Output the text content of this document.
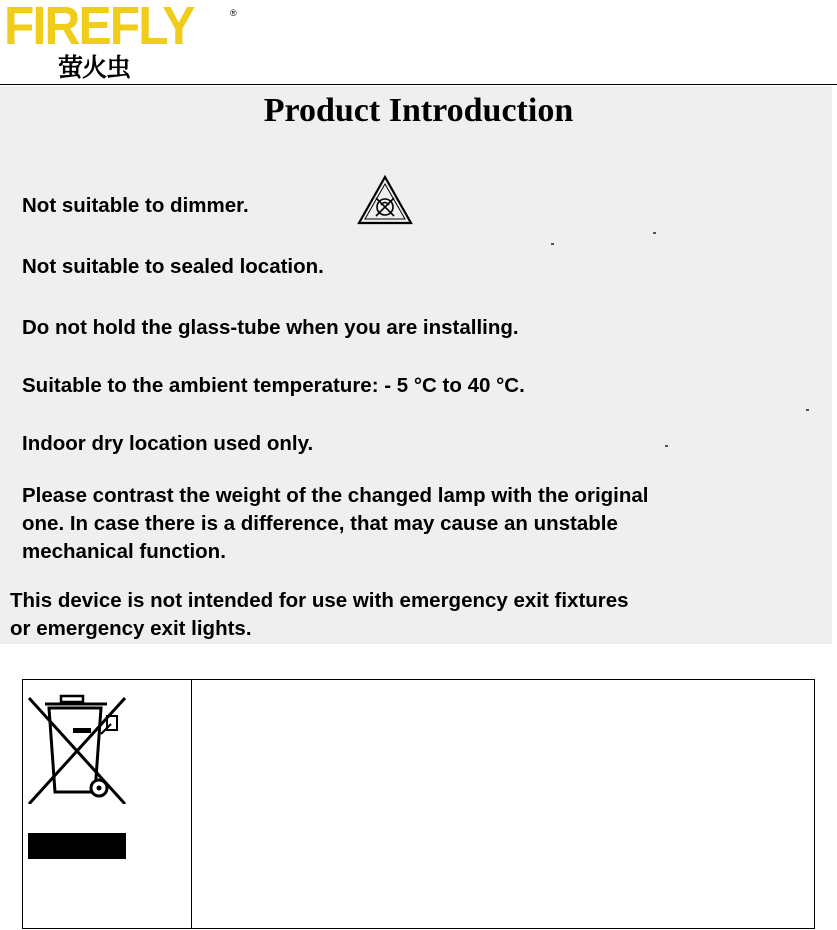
FIREFLY	®
萤火虫
Product Introduction

Not suitable to dimmer.

Not suitable to sealed location.

Do not hold the glass-tube when you are installing.

Suitable to the ambient temperature: - 5 °C to 40 °C.

Indoor dry location used only.

Please contrast the weight of the changed lamp with the original

one. In case there is a difference, that may cause an unstable

mechanical function.

This device is not intended for use with emergency exit fixtures

or emergency exit lights.
